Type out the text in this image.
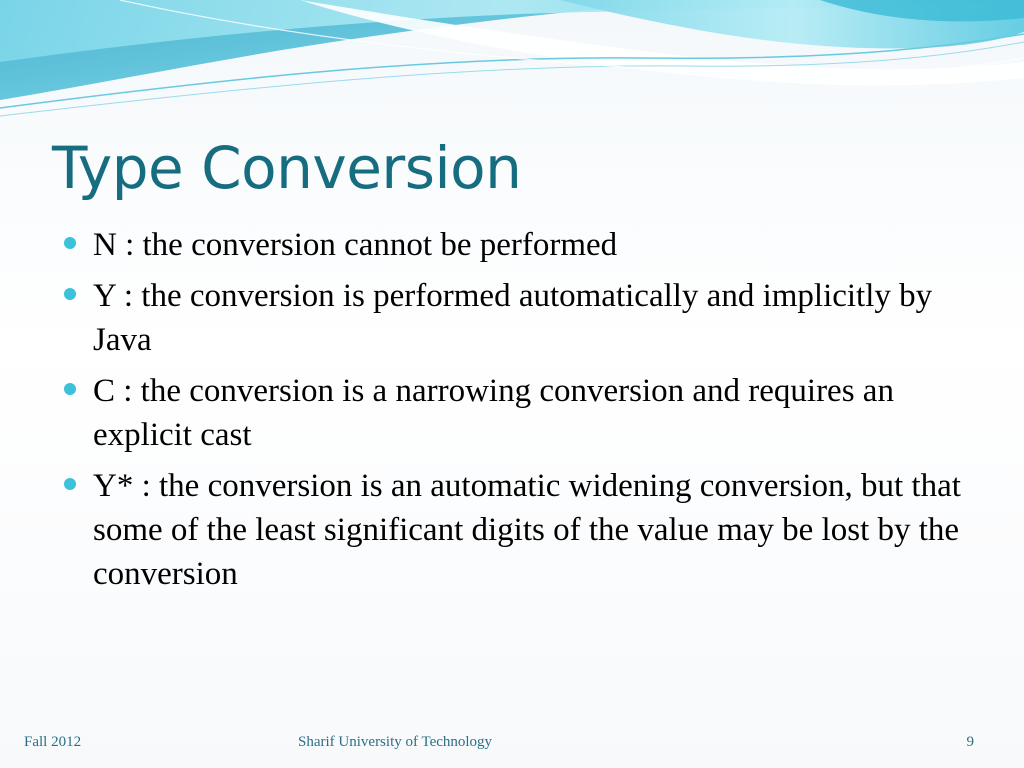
Type Conversion
N : the conversion cannot be performed
Y : the conversion is performed automatically and implicitly by Java
C : the conversion is a narrowing conversion and requires an explicit cast
Y* : the conversion is an automatic widening conversion, but that some of the least significant digits of the value may be lost by the conversion
Fall 2012	Sharif University of Technology	9
